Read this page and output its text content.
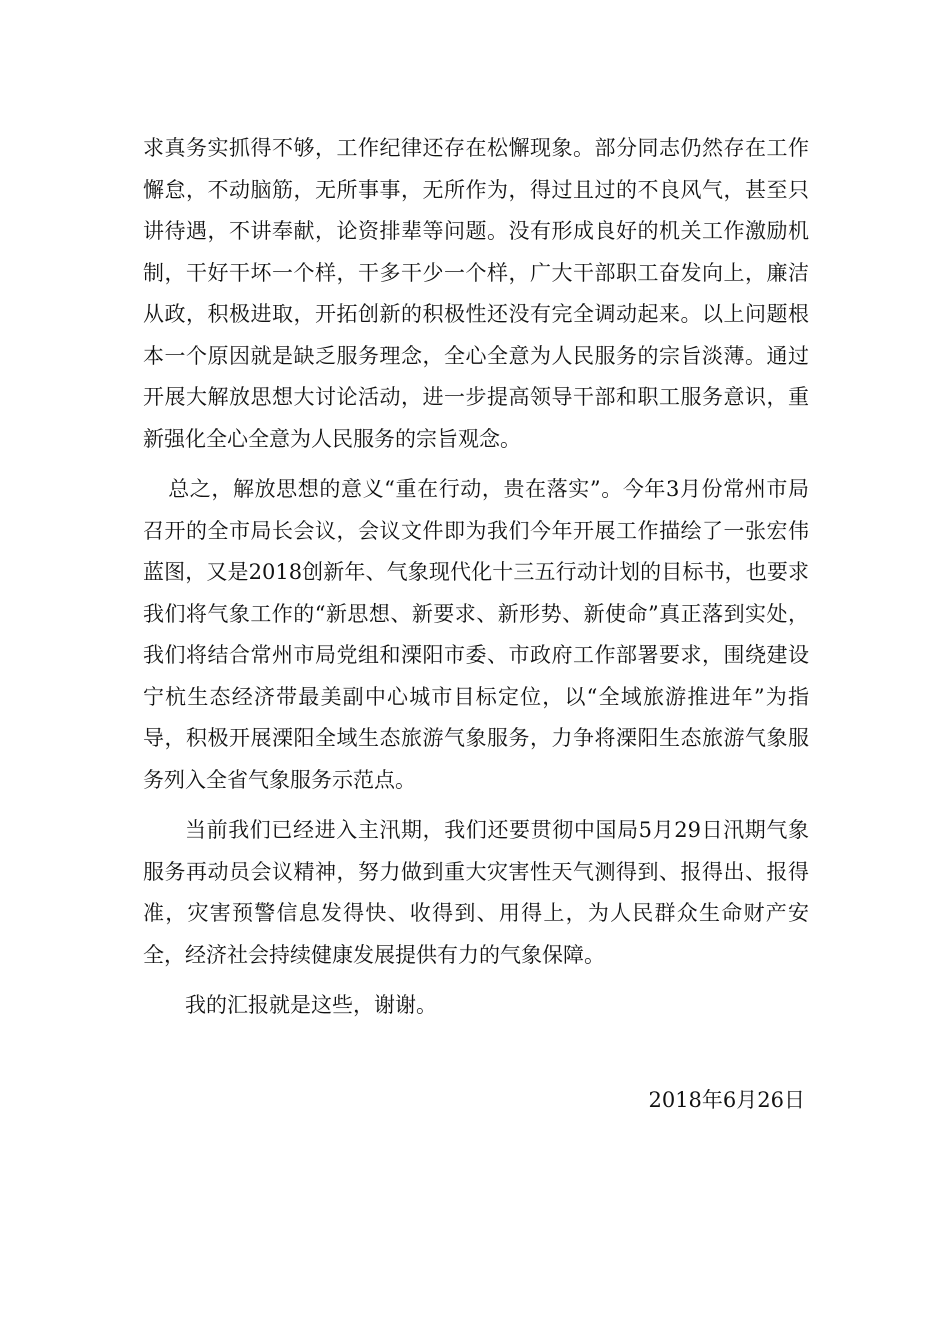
求真务实抓得不够，工作纪律还存在松懈现象。部分同志仍然存在工作懈怠，不动脑筋，无所事事，无所作为，得过且过的不良风气，甚至只讲待遇，不讲奉献，论资排辈等问题。没有形成良好的机关工作激励机制，干好干坏一个样，干多干少一个样，广大干部职工奋发向上，廉洁从政，积极进取，开拓创新的积极性还没有完全调动起来。以上问题根本一个原因就是缺乏服务理念，全心全意为人民服务的宗旨淡薄。通过开展大解放思想大讨论活动，进一步提高领导干部和职工服务意识，重新强化全心全意为人民服务的宗旨观念。

总之，解放思想的意义“重在行动，贵在落实”。今年3月份常州市局召开的全市局长会议，会议文件即为我们今年开展工作描绘了一张宏伟蓝图，又是2018创新年、气象现代化十三五行动计划的目标书，也要求我们将气象工作的“新思想、新要求、新形势、新使命”真正落到实处，我们将结合常州市局党组和溧阳市委、市政府工作部署要求，围绕建设宁杭生态经济带最美副中心城市目标定位，以“全域旅游推进年”为指导，积极开展溧阳全域生态旅游气象服务，力争将溧阳生态旅游气象服务列入全省气象服务示范点。

当前我们已经进入主汛期，我们还要贯彻中国局5月29日汛期气象服务再动员会议精神，努力做到重大灾害性天气测得到、报得出、报得准，灾害预警信息发得快、收得到、用得上，为人民群众生命财产安全，经济社会持续健康发展提供有力的气象保障。

我的汇报就是这些，谢谢。

2018年6月26日
